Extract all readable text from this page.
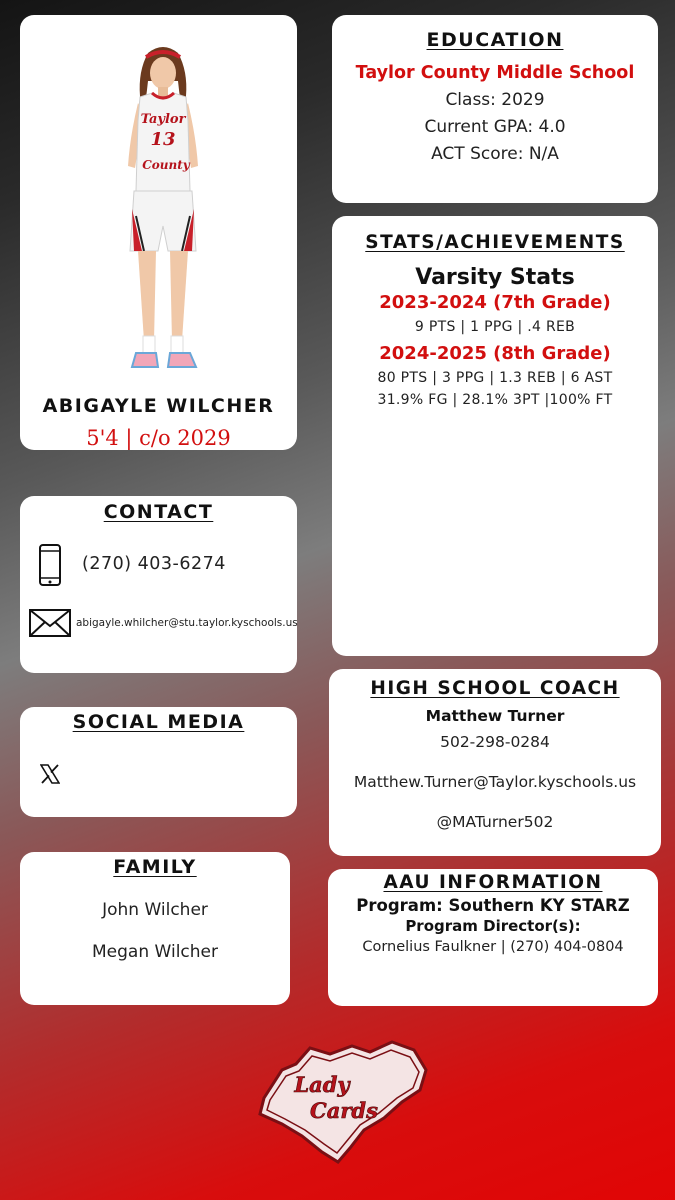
Taylor
13
County
ABIGAYLE WILCHER
5'4 | c/o 2029

EDUCATION

Taylor County Middle School

Class: 2029

Current GPA: 4.0

ACT Score: N/A

STATS/ACHIEVEMENTS

Varsity Stats

2023-2024 (7th Grade)

9 PTS | 1 PPG | .4 REB

2024-2025 (8th Grade)

80 PTS | 3 PPG | 1.3 REB | 6 AST

31.9% FG | 28.1% 3PT |100% FT

CONTACT

(270) 403-6274
abigayle.whilcher@stu.taylor.kyschools.us

SOCIAL MEDIA

FAMILY

John Wilcher

Megan Wilcher

HIGH SCHOOL COACH

Matthew Turner

502-298-0284

Matthew.Turner@Taylor.kyschools.us

@MATurner502

AAU INFORMATION

Program: Southern KY STARZ

Program Director(s):

Cornelius Faulkner | (270) 404-0804

Lady
Cards
